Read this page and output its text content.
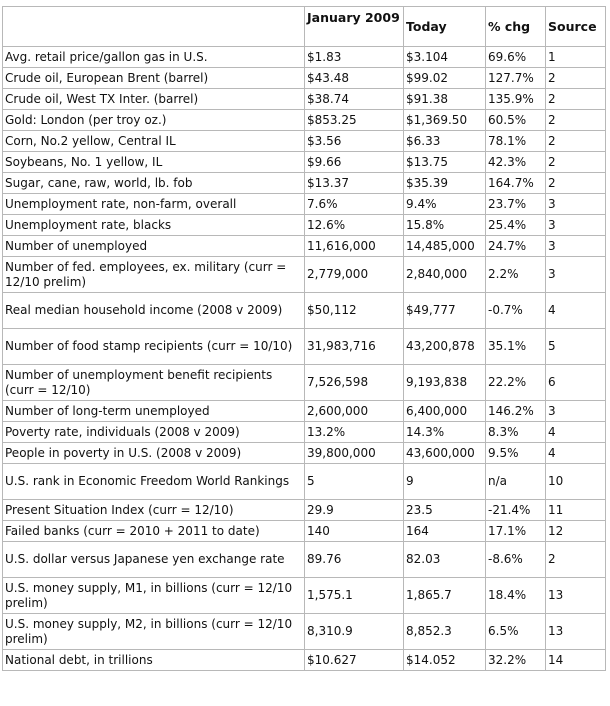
	January 2009	Today	% chg	Source
Avg. retail price/gallon gas in U.S.	$1.83	$3.104	69.6%	1
Crude oil, European Brent (barrel)	$43.48	$99.02	127.7%	2
Crude oil, West TX Inter. (barrel)	$38.74	$91.38	135.9%	2
Gold: London (per troy oz.)	$853.25	$1,369.50	60.5%	2
Corn, No.2 yellow, Central IL	$3.56	$6.33	78.1%	2
Soybeans, No. 1 yellow, IL	$9.66	$13.75	42.3%	2
Sugar, cane, raw, world, lb. fob	$13.37	$35.39	164.7%	2
Unemployment rate, non-farm, overall	7.6%	9.4%	23.7%	3
Unemployment rate, blacks	12.6%	15.8%	25.4%	3
Number of unemployed	11,616,000	14,485,000	24.7%	3
Number of fed. employees, ex. military (curr = 12/10 prelim)	2,779,000	2,840,000	2.2%	3
Real median household income (2008 v 2009)	$50,112	$49,777	-0.7%	4
Number of food stamp recipients (curr = 10/10)	31,983,716	43,200,878	35.1%	5
Number of unemployment benefit recipients (curr = 12/10)	7,526,598	9,193,838	22.2%	6
Number of long-term unemployed	2,600,000	6,400,000	146.2%	3
Poverty rate, individuals (2008 v 2009)	13.2%	14.3%	8.3%	4
People in poverty in U.S. (2008 v 2009)	39,800,000	43,600,000	9.5%	4
U.S. rank in Economic Freedom World Rankings	5	9	n/a	10
Present Situation Index (curr = 12/10)	29.9	23.5	-21.4%	11
Failed banks (curr = 2010 + 2011 to date)	140	164	17.1%	12
U.S. dollar versus Japanese yen exchange rate	89.76	82.03	-8.6%	2
U.S. money supply, M1, in billions (curr = 12/10 prelim)	1,575.1	1,865.7	18.4%	13
U.S. money supply, M2, in billions (curr = 12/10 prelim)	8,310.9	8,852.3	6.5%	13
National debt, in trillions	$10.627	$14.052	32.2%	14
